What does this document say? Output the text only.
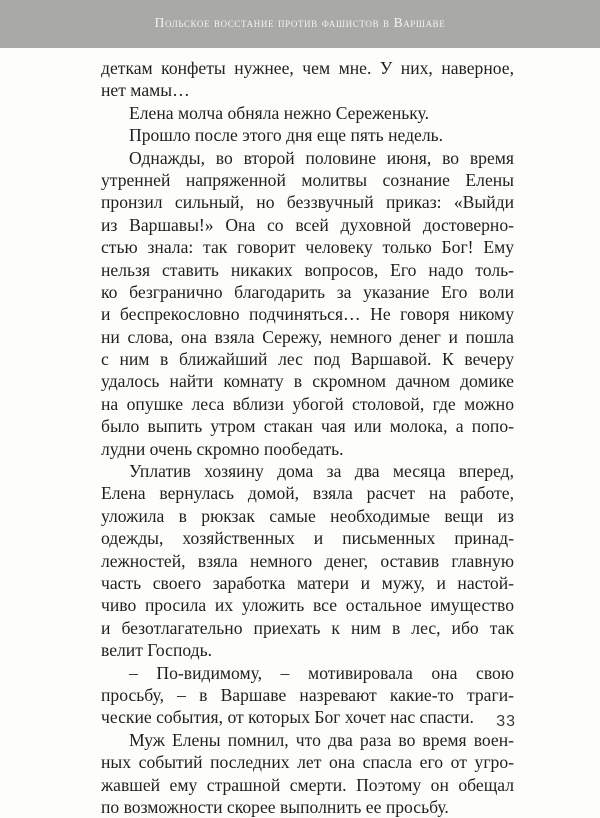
Польское восстание против фашистов в Варшаве
деткам конфеты нужнее, чем мне. У них, наверное,
нет мамы…
Елена молча обняла нежно Сереженьку.
Прошло после этого дня еще пять недель.
Однажды, во второй половине июня, во время
утренней напряженной молитвы сознание Елены
пронзил сильный, но беззвучный приказ: «Выйди
из Варшавы!» Она со всей духовной достоверно-
стью знала: так говорит человеку только Бог! Ему
нельзя ставить никаких вопросов, Его надо толь-
ко безгранично благодарить за указание Его воли
и беспрекословно подчиняться… Не говоря никому
ни слова, она взяла Сережу, немного денег и пошла
с ним в ближайший лес под Варшавой. К вечеру
удалось найти комнату в скромном дачном домике
на опушке леса вблизи убогой столовой, где можно
было выпить утром стакан чая или молока, а попо-
лудни очень скромно пообедать.
Уплатив хозяину дома за два месяца вперед,
Елена вернулась домой, взяла расчет на работе,
уложила в рюкзак самые необходимые вещи из
одежды, хозяйственных и письменных принад-
лежностей, взяла немного денег, оставив главную
часть своего заработка матери и мужу, и настой-
чиво просила их уложить все остальное имущество
и безотлагательно приехать к ним в лес, ибо так
велит Господь.
– По-видимому, – мотивировала она свою
просьбу, – в Варшаве назревают какие-то траги-
ческие события, от которых Бог хочет нас спасти.
Муж Елены помнил, что два раза во время воен-
ных событий последних лет она спасла его от угро-
жавшей ему страшной смерти. Поэтому он обещал
по возможности скорее выполнить ее просьбу.
33
